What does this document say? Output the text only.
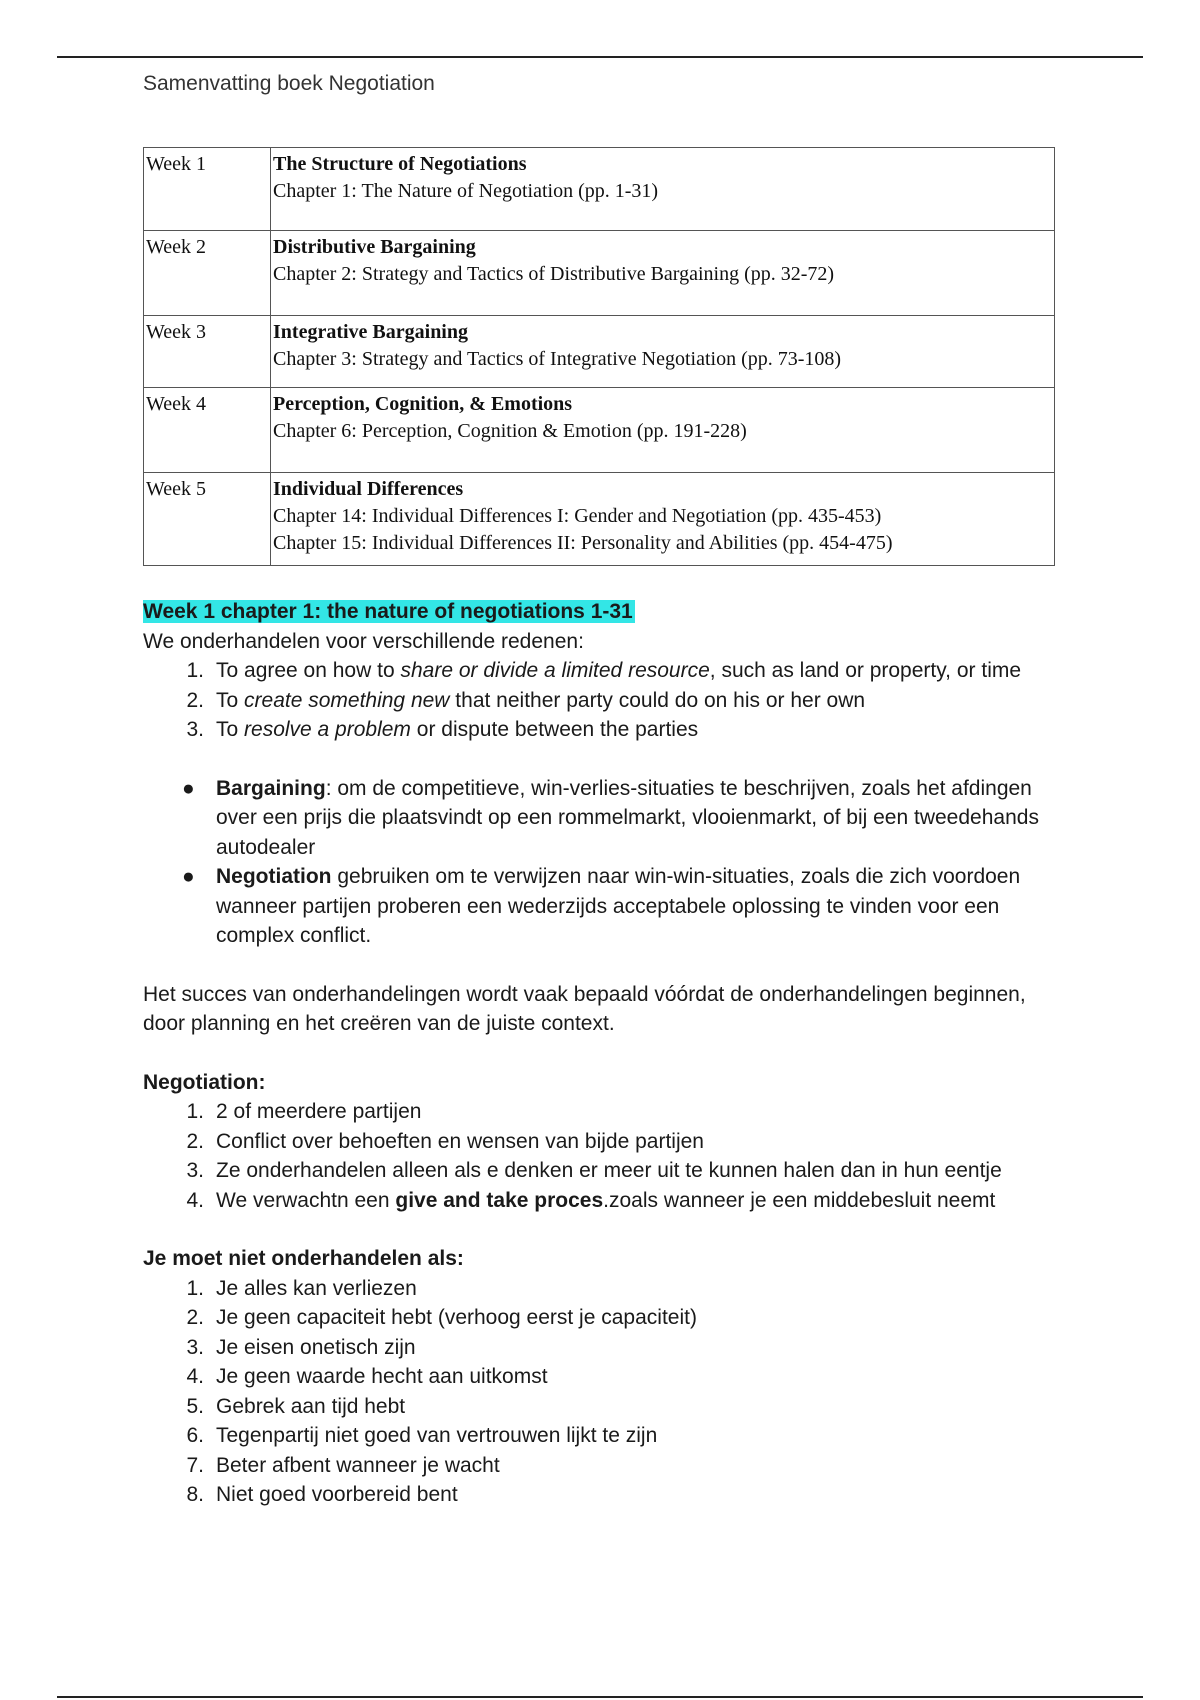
Samenvatting boek Negotiation
Week 1	The Structure of Negotiations
Chapter 1: The Nature of Negotiation (pp. 1-31)

Week 2	Distributive Bargaining
Chapter 2: Strategy and Tactics of Distributive Bargaining (pp. 32-72)

Week 3	Integrative Bargaining
Chapter 3: Strategy and Tactics of Integrative Negotiation (pp. 73-108)

Week 4	Perception, Cognition, & Emotions
Chapter 6: Perception, Cognition & Emotion (pp. 191-228)

Week 5	Individual Differences
Chapter 14: Individual Differences I: Gender and Negotiation (pp. 435-453)
Chapter 15: Individual Differences II: Personality and Abilities (pp. 454-475)

Week 1 chapter 1: the nature of negotiations 1-31

We onderhandelen voor verschillende redenen:

1. To agree on how to share or divide a limited resource, such as land or property, or time
2. To create something new that neither party could do on his or her own
3. To resolve a problem or dispute between the parties
● Bargaining: om de competitieve, win-verlies-situaties te beschrijven, zoals het afdingen over een prijs die plaatsvindt op een rommelmarkt, vlooienmarkt, of bij een tweedehands autodealer
● Negotiation gebruiken om te verwijzen naar win-win-situaties, zoals die zich voordoen wanneer partijen proberen een wederzijds acceptabele oplossing te vinden voor een complex conflict.

Het succes van onderhandelingen wordt vaak bepaald vóórdat de onderhandelingen beginnen, door planning en het creëren van de juiste context.

Negotiation:

1. 2 of meerdere partijen
2. Conflict over behoeften en wensen van bijde partijen
3. Ze onderhandelen alleen als e denken er meer uit te kunnen halen dan in hun eentje
4. We verwachtn een give and take proces.zoals wanneer je een middebesluit neemt

Je moet niet onderhandelen als:

1. Je alles kan verliezen
2. Je geen capaciteit hebt (verhoog eerst je capaciteit)
3. Je eisen onetisch zijn
4. Je geen waarde hecht aan uitkomst
5. Gebrek aan tijd hebt
6. Tegenpartij niet goed van vertrouwen lijkt te zijn
7. Beter afbent wanneer je wacht
8. Niet goed voorbereid bent
